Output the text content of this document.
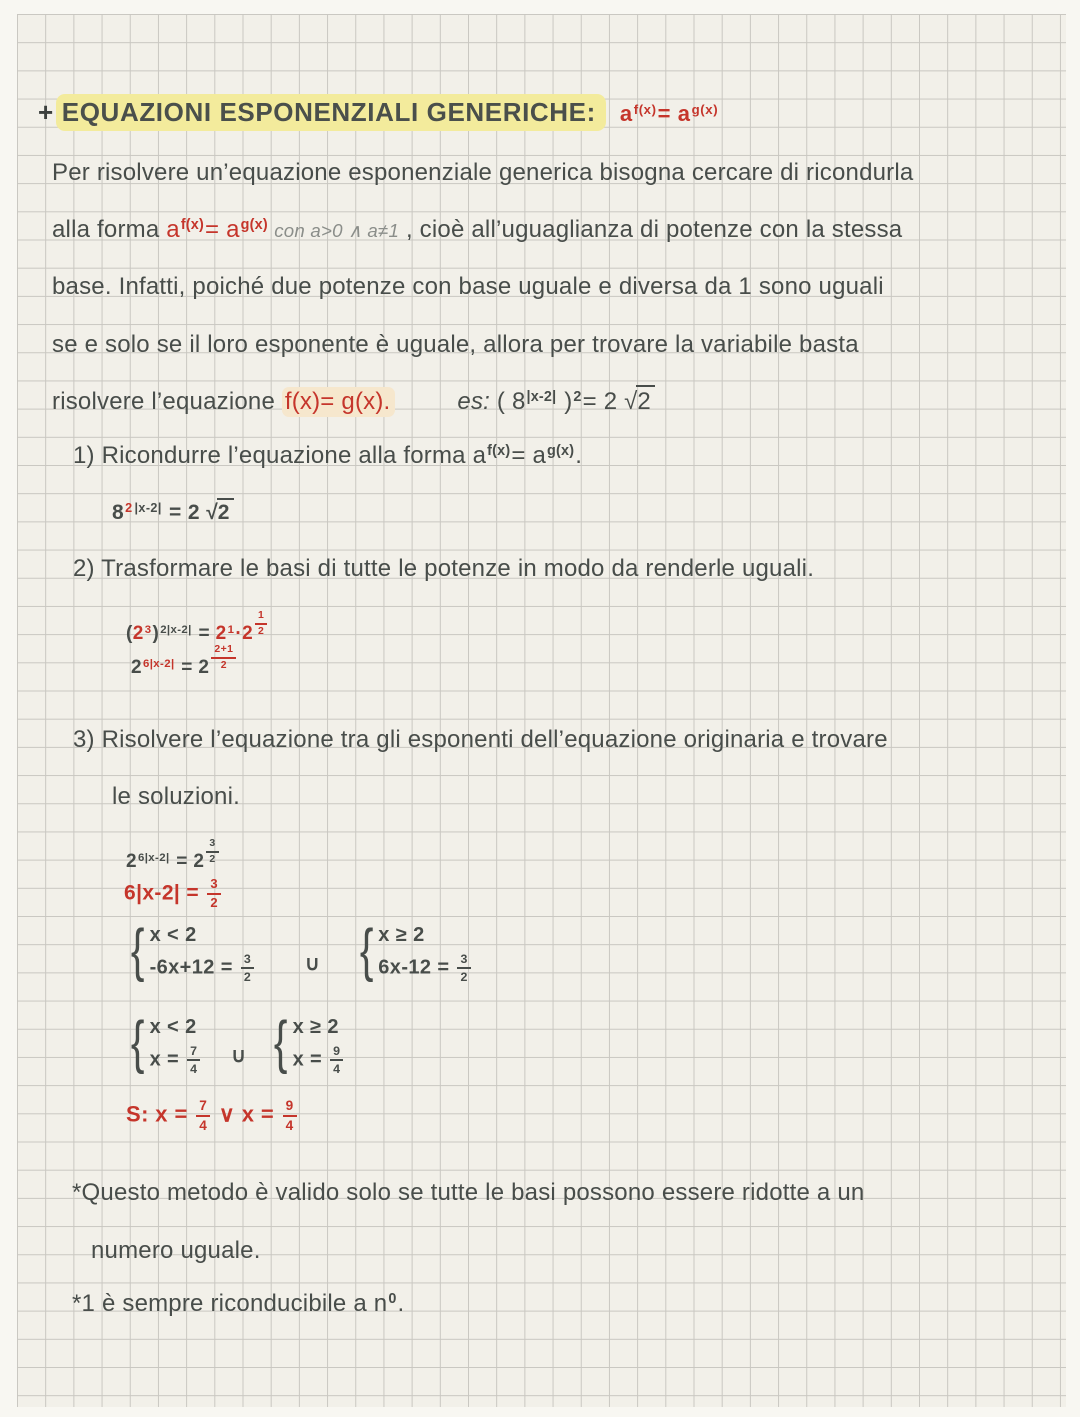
+ EQUAZIONI ESPONENZIALI GENERICHE: $a^{f(x)}= a^{g(x)}$
Per risolvere un’equazione esponenziale generica bisogna cercare di ricondurla
alla forma $a^{f(x)}= a^{g(x)}$ con a>0 ∧ a≠1 , cioè all’uguaglianza di potenze con la stessa
base. Infatti, poiché due potenze con base uguale e diversa da 1 sono uguali
se e solo se il loro esponente è uguale, allora per trovare la variabile basta
risolvere l’equazione f(x)= g(x).	es: ( $8^{|x-2|}$ )$^2$= 2 √2
1) Ricondurre l’equazione alla forma $a^{f(x)}= a^{g(x)}$.
$8^2$ $^{|x-2|}$ = 2 √2
2) Trasformare le basi di tutte le potenze in modo da renderle uguali.
$(2^3)^{2|x-2|} = 2^1\cdot 2 \frac{1}{2}$
$2^{6|x-2|} = 2 \frac{2+1}{2}$
3) Risolvere l’equazione tra gli esponenti dell’equazione originaria e trovare
le soluzioni.
$2^{6|x-2|} = 2 \frac{3}{2}$
$6|x-2| = \frac{3}{2}$
{ x < 2
$-6x+12 = \frac{3}{2}$	∪ { x ≥ 2
$6x-12 = \frac{3}{2}$
{ x < 2
$x = \frac{7}{4}$ ∪ { x ≥ 2
$x = \frac{9}{4}$
S: $x = \frac{7}{4}$ ∨ $x = \frac{9}{4}$
*Questo metodo è valido solo se tutte le basi possono essere ridotte a un
numero uguale.
*1 è sempre riconducibile a $n^0$.
